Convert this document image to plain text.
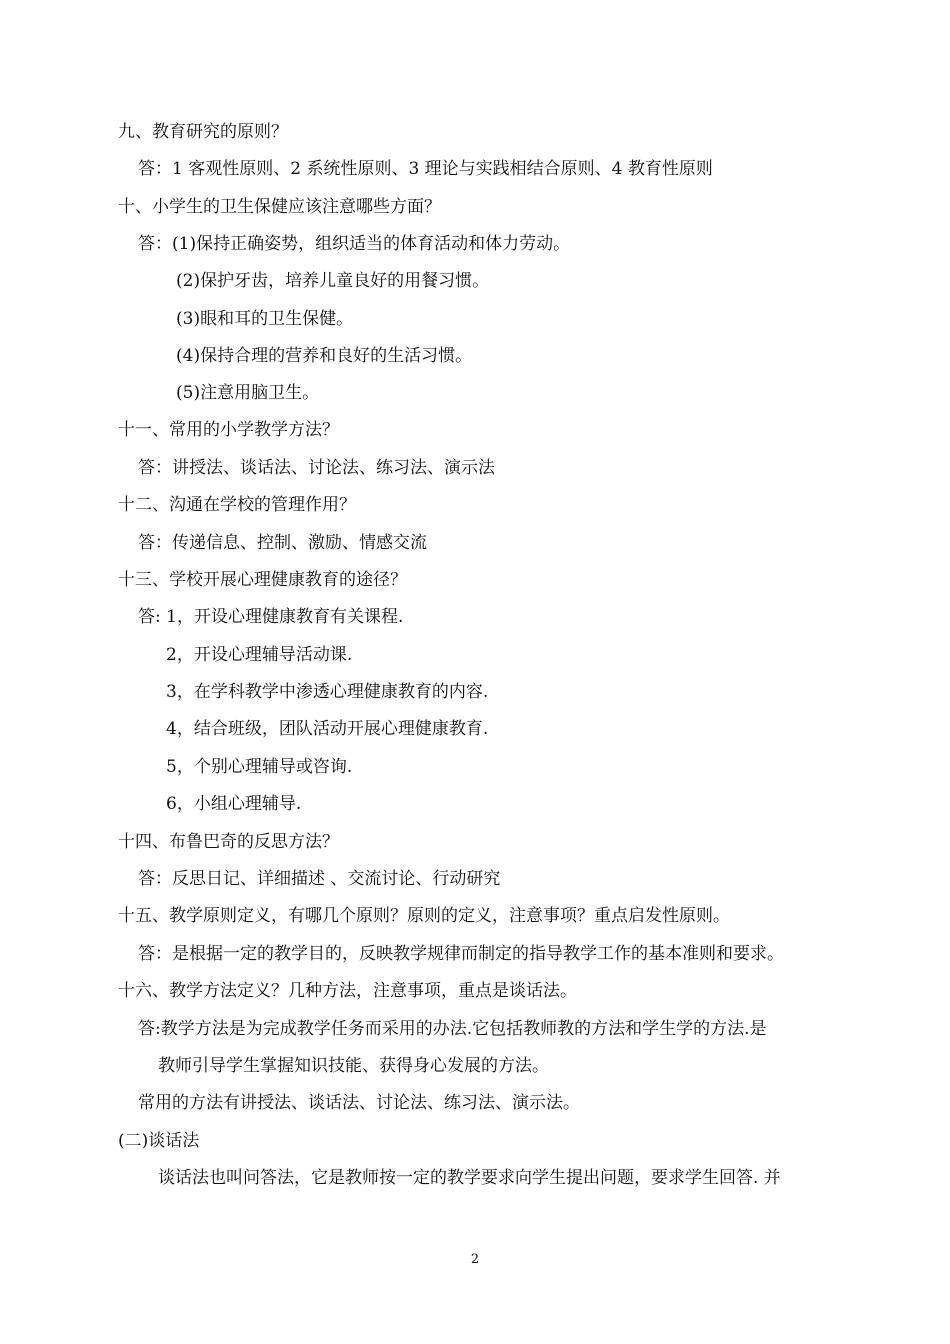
九、教育研究的原则？
答：1 客观性原则、2 系统性原则、3 理论与实践相结合原则、4 教育性原则
十、小学生的卫生保健应该注意哪些方面？
答：(1)保持正确姿势，组织适当的体育活动和体力劳动。
(2)保护牙齿，培养儿童良好的用餐习惯。
(3)眼和耳的卫生保健。
(4)保持合理的营养和良好的生活习惯。
(5)注意用脑卫生。
十一、常用的小学教学方法？
答：讲授法、谈话法、讨论法、练习法、演示法
十二、沟通在学校的管理作用？
答：传递信息、控制、激励、情感交流
十三、学校开展心理健康教育的途径？
答: 1，开设心理健康教育有关课程.
2，开设心理辅导活动课.
3，在学科教学中渗透心理健康教育的内容.
4，结合班级，团队活动开展心理健康教育.
5，个别心理辅导或咨询.
6，小组心理辅导.
十四、布鲁巴奇的反思方法？
答：反思日记、详细描述 、交流讨论、行动研究
十五、教学原则定义，有哪几个原则？原则的定义，注意事项？重点启发性原则。
答：是根据一定的教学目的，反映教学规律而制定的指导教学工作的基本准则和要求。
十六、教学方法定义？几种方法，注意事项，重点是谈话法。
答:教学方法是为完成教学任务而采用的办法.它包括教师教的方法和学生学的方法.是
教师引导学生掌握知识技能、获得身心发展的方法。
常用的方法有讲授法、谈话法、讨论法、练习法、演示法。
(二)谈话法
谈话法也叫问答法，它是教师按一定的教学要求向学生提出问题，要求学生回答. 并
2
